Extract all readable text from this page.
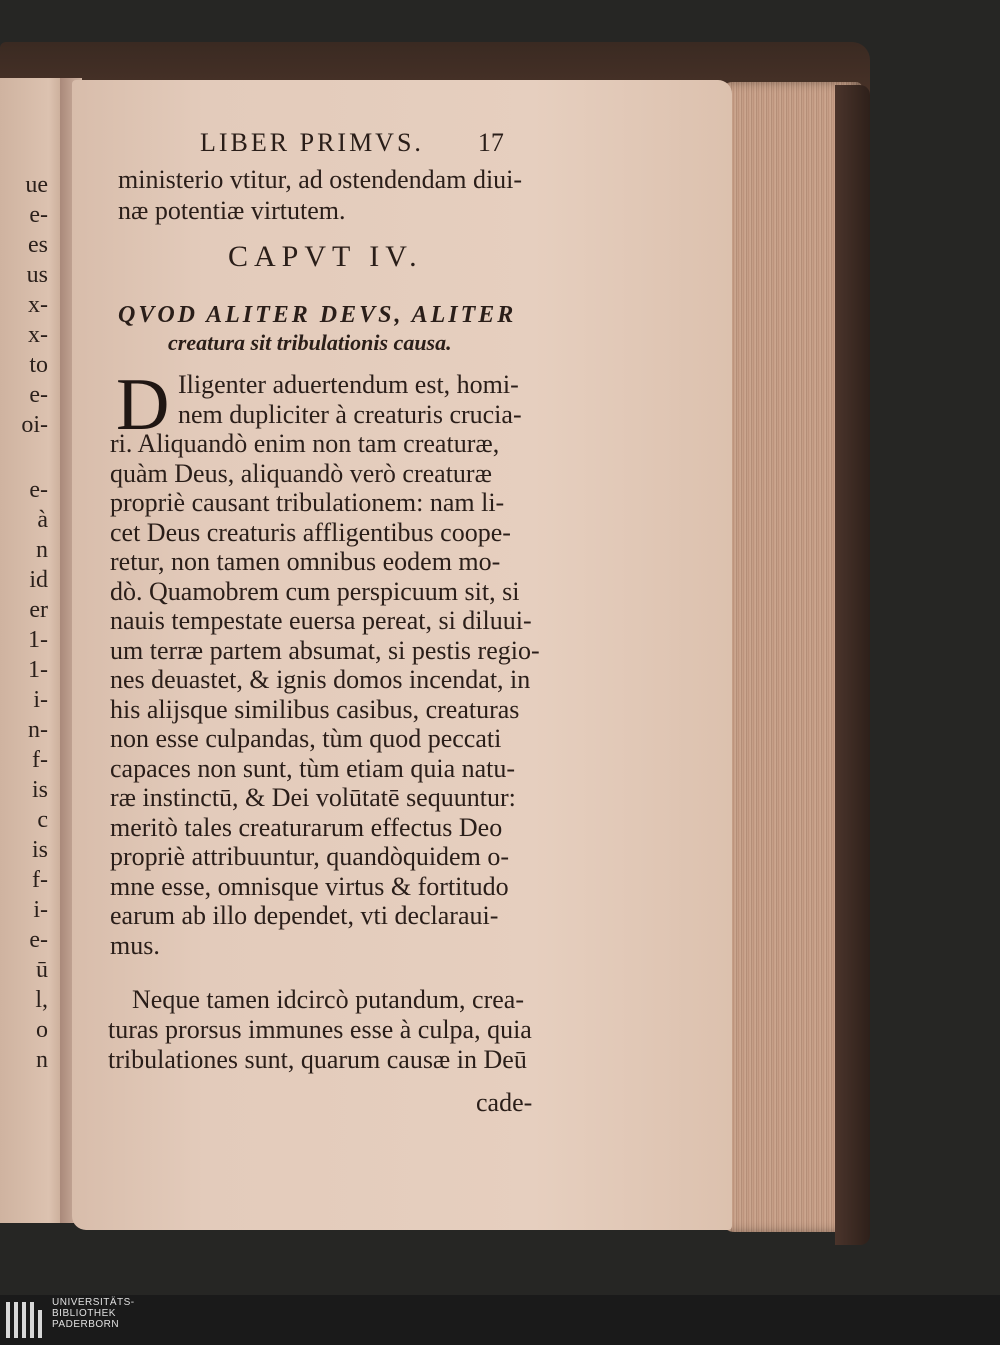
ue
e-
es
us
x-
x-
to
e-
oi-
e-
à
n
id
er
1-
1-
i-
n-
f-
is
c
is
f-
i-
e-
ū
l,
o
n
LIBER PRIMVS. 17
ministerio vtitur, ad ostendendam diui-
næ potentiæ virtutem.
CAPVT IV.
QVOD ALITER DEVS, ALITER
creatura sit tribulationis causa.
D Iligenter aduertendum est, homi-
nem dupliciter à creaturis crucia-
ri. Aliquandò enim non tam creaturæ,
quàm Deus, aliquandò verò creaturæ
propriè causant tribulationem: nam li-
cet Deus creaturis affligentibus coope-
retur, non tamen omnibus eodem mo-
dò. Quamobrem cum perspicuum sit, si
nauis tempestate euersa pereat, si diluui-
um terræ partem absumat, si pestis regio-
nes deuastet, & ignis domos incendat, in
his alijsque similibus casibus, creaturas
non esse culpandas, tùm quod peccati
capaces non sunt, tùm etiam quia natu-
ræ instinctū, & Dei volūtatē sequuntur:
meritò tales creaturarum effectus Deo
propriè attribuuntur, quandòquidem o-
mne esse, omnisque virtus & fortitudo
earum ab illo dependet, vti declaraui-
mus.
Neque tamen idcircò putandum, crea-
turas prorsus immunes esse à culpa, quia
tribulationes sunt, quarum causæ in Deū
cade-
UNIVERSITÄTS-
BIBLIOTHEK
PADERBORN
